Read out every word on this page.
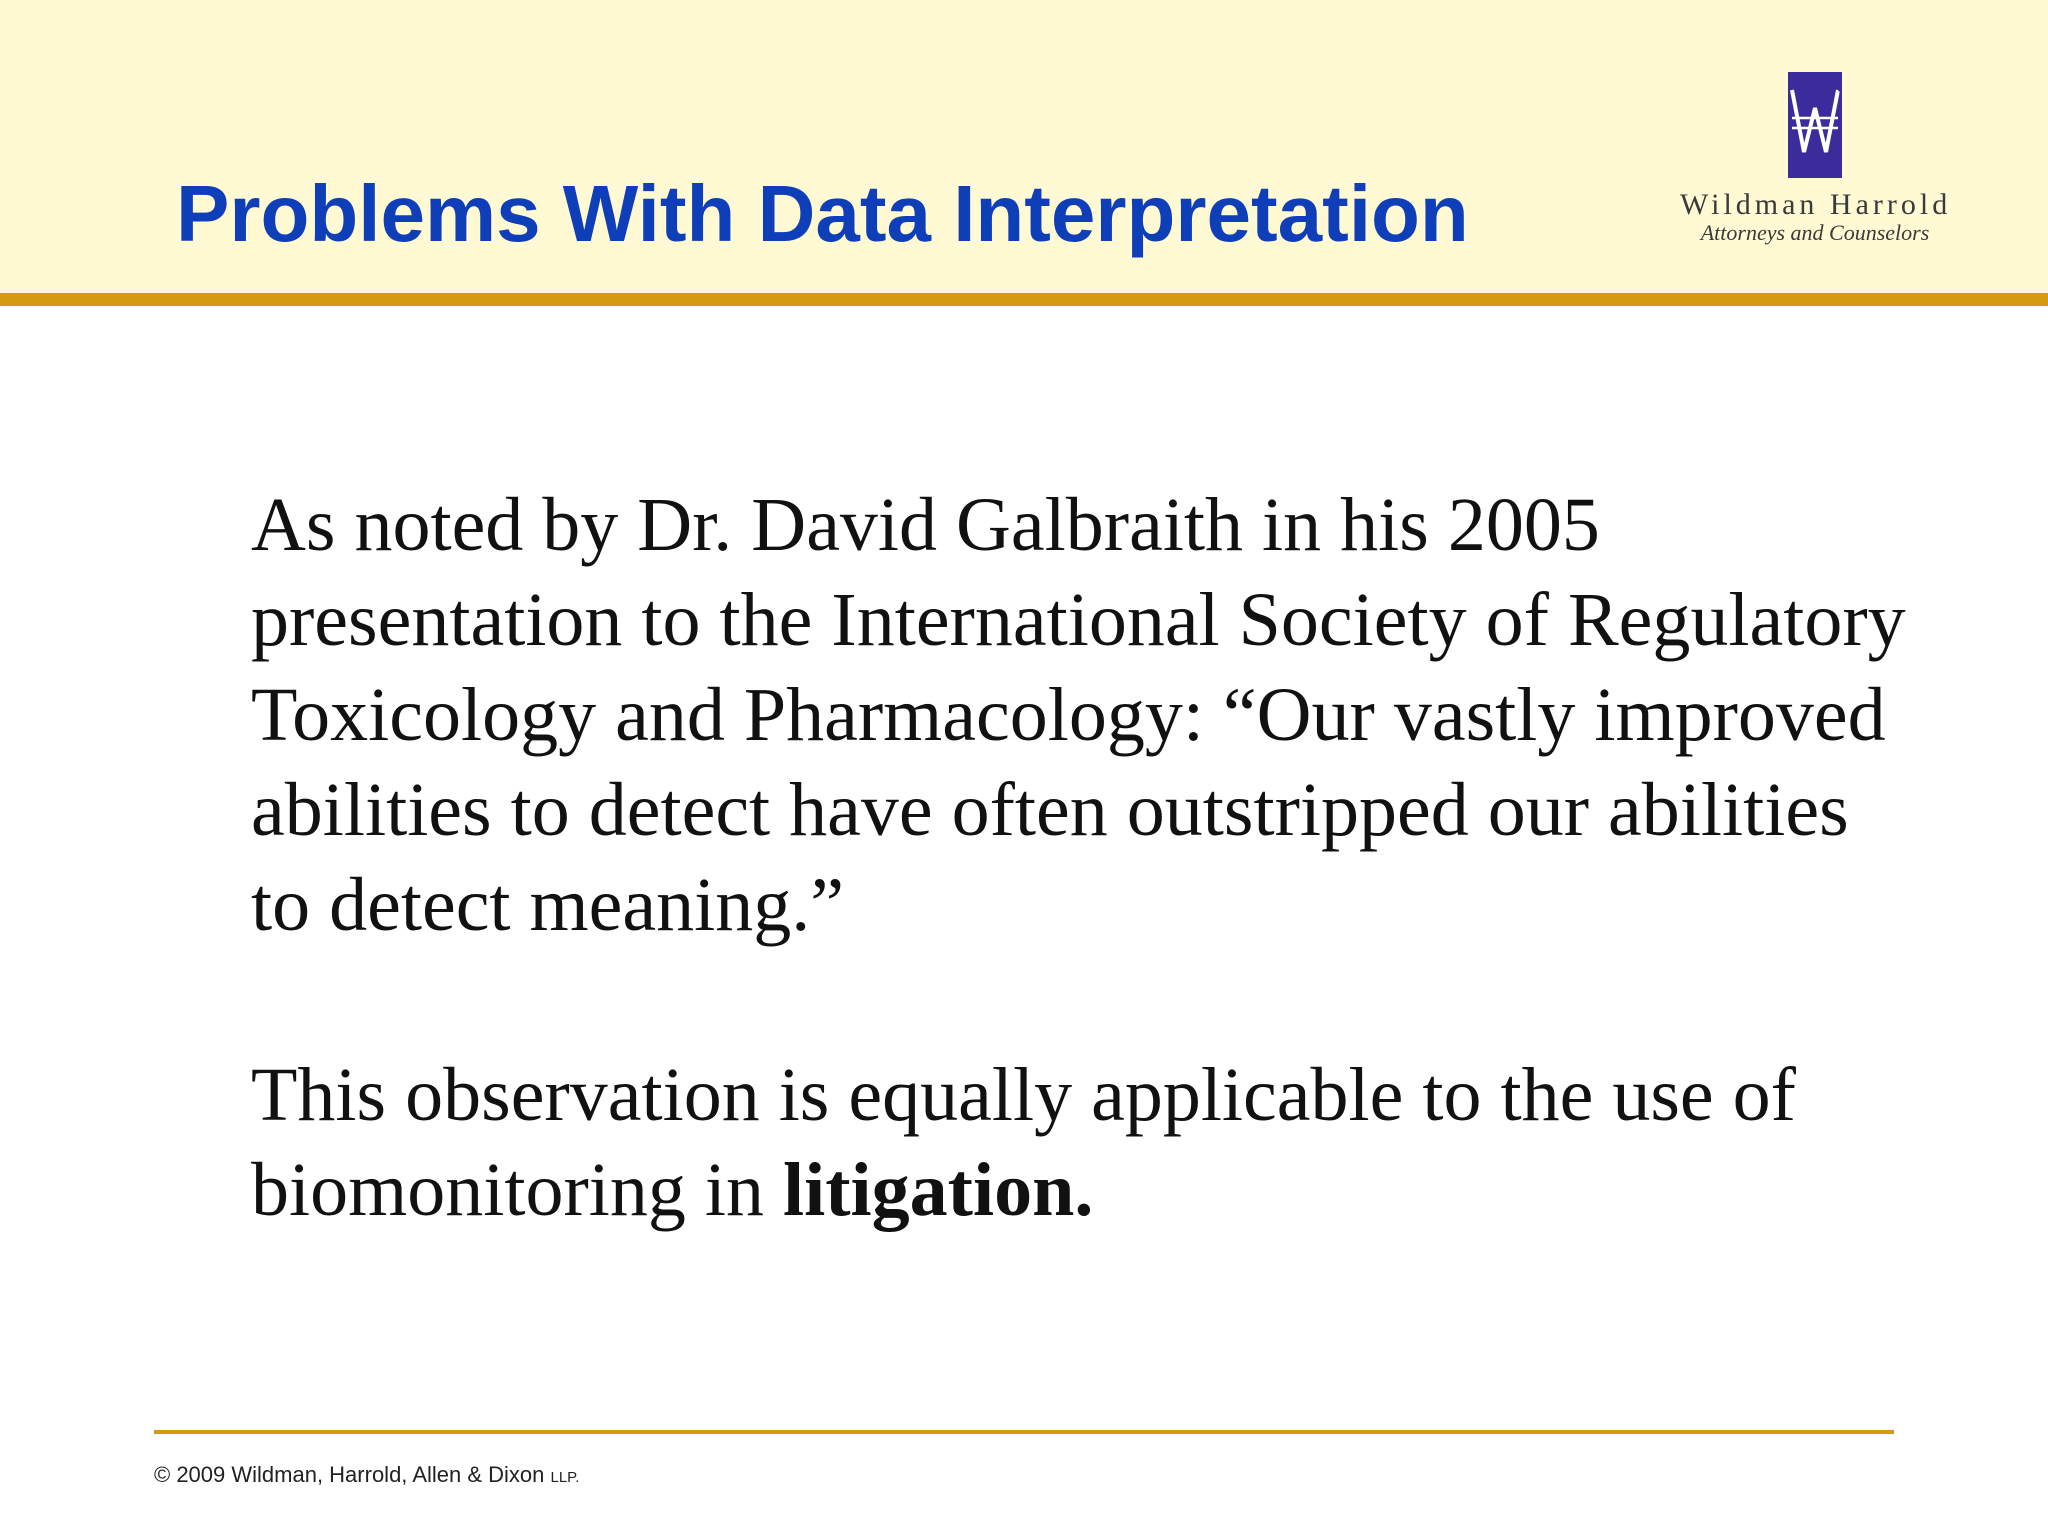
Problems With Data Interpretation	Wildman Harrold
Attorneys and Counselors

As noted by Dr. David Galbraith in his 2005 presentation to the International Society of Regulatory Toxicology and Pharmacology: “Our vastly improved abilities to detect have often outstripped our abilities to detect meaning.”

This observation is equally applicable to the use of biomonitoring in litigation.

© 2009 Wildman, Harrold, Allen & Dixon LLP.
